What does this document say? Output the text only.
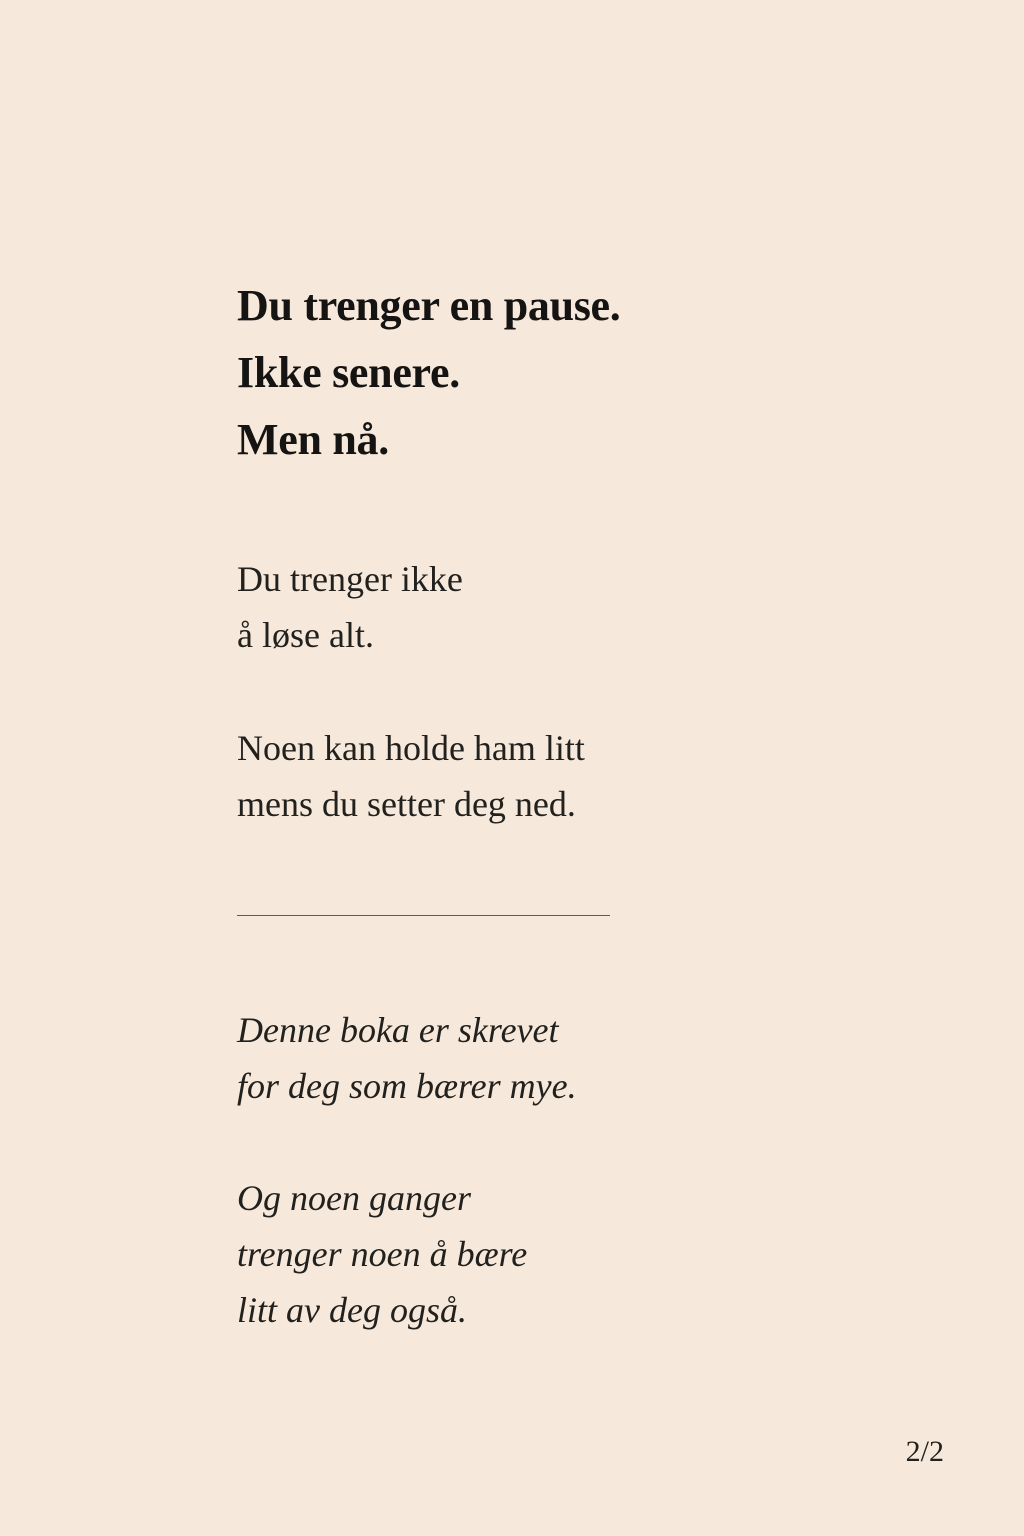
Du trenger en pause.
Ikke senere.
Men nå.
Du trenger ikke
å løse alt.
Noen kan holde ham litt
mens du setter deg ned.
Denne boka er skrevet
for deg som bærer mye.
Og noen ganger
trenger noen å bære
litt av deg også.
2/2
